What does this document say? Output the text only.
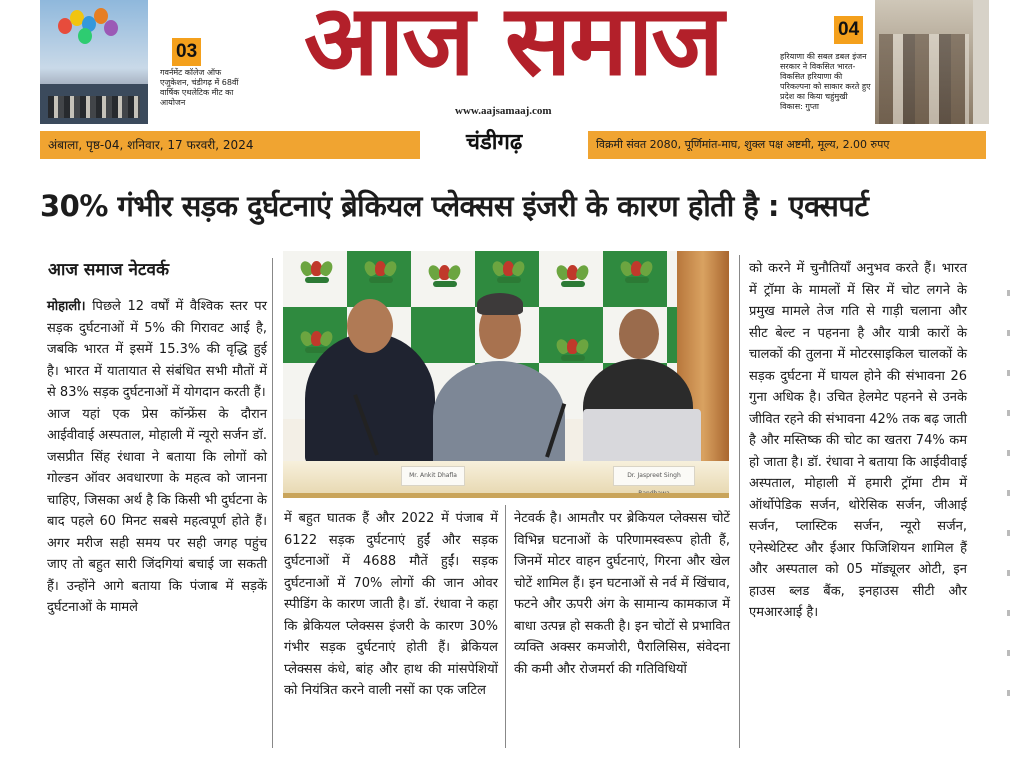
03
गवर्नमेंट कॉलेज ऑफ एजुकेशन, चंडीगढ़ में 68वीं वार्षिक एथलेटिक मीट का आयोजन
आज समाज
www.aajsamaaj.com
04
हरियाणा की सबल डबल इंजन सरकार ने विकसित भारत-विकसित हरियाणा की परिकल्पना को साकार करते हुए प्रदेश का किया चहुंमुखी विकास: गुप्ता
अंबाला, पृष्ठ-04, शनिवार, 17 फरवरी, 2024	चंडीगढ़	विक्रमी संवत 2080, पूर्णिमांत-माघ, शुक्ल पक्ष अष्टमी, मूल्य, 2.00 रुपए
30% गंभीर सड़क दुर्घटनाएं ब्रेकियल प्लेक्सस इंजरी के कारण होती है : एक्सपर्ट
आज समाज नेटवर्क

मोहाली। पिछले 12 वर्षों में वैश्विक स्तर पर सड़क दुर्घटनाओं में 5% की गिरावट आई है, जबकि भारत में इसमें 15.3% की वृद्धि हुई है। भारत में यातायात से संबंधित सभी मौतों में से 83% सड़क दुर्घटनाओं में योगदान करती हैं।

आज यहां एक प्रेस कॉन्फ्रेंस के दौरान आईवीवाई अस्पताल, मोहाली में न्यूरो सर्जन डॉ. जसप्रीत सिंह रंधावा ने बताया कि लोगों को गोल्डन ऑवर अवधारणा के महत्व को जानना चाहिए, जिसका अर्थ है कि किसी भी दुर्घटना के बाद पहले 60 मिनट सबसे महत्वपूर्ण होते हैं। अगर मरीज सही समय पर सही जगह पहुंच जाए तो बहुत सारी जिंदगियां बचाई जा सकती हैं। उन्होंने आगे बताया कि पंजाब में सड़कें दुर्घटनाओं के मामले

Mr. Ankit Dhafla	Dr. Jaspreet Singh

में बहुत घातक हैं और 2022 में पंजाब में 6122 सड़क दुर्घटनाएं हुईं और सड़क दुर्घटनाओं में 4688 मौतें हुईं। सड़क दुर्घटनाओं में 70% लोगों की जान ओवर स्पीडिंग के कारण जाती है। डॉ. रंधावा ने कहा कि ब्रेकियल प्लेक्सस इंजरी के कारण 30% गंभीर सड़क दुर्घटनाएं होती हैं। ब्रेकियल प्लेक्सस कंधे, बांह और हाथ की मांसपेशियों को नियंत्रित करने वाली नसों का एक जटिल

नेटवर्क है। आमतौर पर ब्रेकियल प्लेक्सस चोटें विभिन्न घटनाओं के परिणामस्वरूप होती हैं, जिनमें मोटर वाहन दुर्घटनाएं, गिरना और खेल चोटें शामिल हैं। इन घटनाओं से नर्व में खिंचाव, फटने और ऊपरी अंग के सामान्य कामकाज में बाधा उत्पन्न हो सकती है। इन चोटों से प्रभावित व्यक्ति अक्सर कमजोरी, पैरालिसिस, संवेदना की कमी और रोजमर्रा की गतिविधियों

को करने में चुनौतियाँ अनुभव करते हैं। भारत में ट्रॉमा के मामलों में सिर में चोट लगने के प्रमुख मामले तेज गति से गाड़ी चलाना और सीट बेल्ट न पहनना है और यात्री कारों के चालकों की तुलना में मोटरसाइकिल चालकों के सड़क दुर्घटना में घायल होने की संभावना 26 गुना अधिक है। उचित हेलमेट पहनने से उनके जीवित रहने की संभावना 42% तक बढ़ जाती है और मस्तिष्क की चोट का खतरा 74% कम हो जाता है। डॉ. रंधावा ने बताया कि आईवीवाई अस्पताल, मोहाली में हमारी ट्रॉमा टीम में ऑर्थोपेडिक सर्जन, थोरेसिक सर्जन, जीआई सर्जन, प्लास्टिक सर्जन, न्यूरो सर्जन, एनेस्थेटिस्ट और ईआर फिजिशियन शामिल हैं और अस्पताल को 05 मॉड्यूलर ओटी, इन हाउस ब्लड बैंक, इनहाउस सीटी और एमआरआई है।
